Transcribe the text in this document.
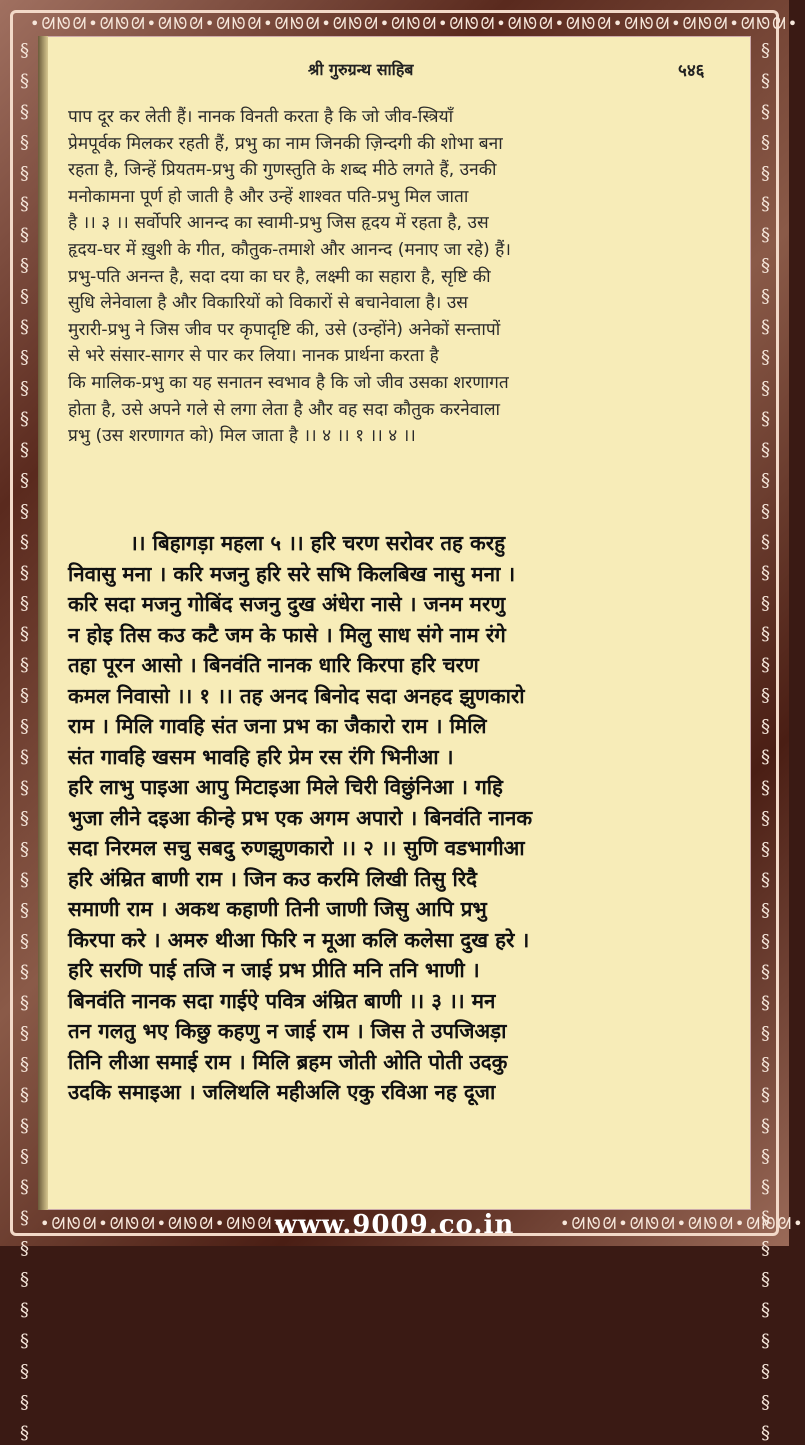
•ᘛᘚᘛ•ᘛᘚᘛ•ᘛᘚᘛ•ᘛᘚᘛ•ᘛᘚᘛ•ᘛᘚᘛ•ᘛᘚᘛ•ᘛᘚᘛ•ᘛᘚᘛ•ᘛᘚᘛ•ᘛᘚᘛ•ᘛᘚᘛ•ᘛᘚᘛ•
§ § § § § § § § § § § § § § § § § § § § § § § § § § § § § § § § § § § § § § § § § § § § § §	§ § § § § § § § § § § § § § § § § § § § § § § § § § § § § § § § § § § § § § § § § § § § § §
•ᘛᘚᘛ•ᘛᘚᘛ•ᘛᘚᘛ•ᘛᘚᘛ•	•ᘛᘚᘛ•ᘛᘚᘛ•ᘛᘚᘛ•ᘛᘚᘛ•
श्री गुरुग्रन्थ साहिब	५४६
पाप दूर कर लेती हैं। नानक विनती करता है कि जो जीव-स्त्रियाँ
प्रेमपूर्वक मिलकर रहती हैं, प्रभु का नाम जिनकी ज़िन्दगी की शोभा बना
रहता है, जिन्हें प्रियतम-प्रभु की गुणस्तुति के शब्द मीठे लगते हैं, उनकी
मनोकामना पूर्ण हो जाती है और उन्हें शाश्वत पति-प्रभु मिल जाता
है ।। ३ ।। सर्वोपरि आनन्द का स्वामी-प्रभु जिस हृदय में रहता है, उस
हृदय-घर में ख़ुशी के गीत, कौतुक-तमाशे और आनन्द (मनाए जा रहे) हैं।
प्रभु-पति अनन्त है, सदा दया का घर है, लक्ष्मी का सहारा है, सृष्टि की
सुधि लेनेवाला है और विकारियों को विकारों से बचानेवाला है। उस
मुरारी-प्रभु ने जिस जीव पर कृपादृष्टि की, उसे (उन्होंने) अनेकों सन्तापों
से भरे संसार-सागर से पार कर लिया। नानक प्रार्थना करता है
कि मालिक-प्रभु का यह सनातन स्वभाव है कि जो जीव उसका शरणागत
होता है, उसे अपने गले से लगा लेता है और वह सदा कौतुक करनेवाला
प्रभु (उस शरणागत को) मिल जाता है ।। ४ ।। १ ।। ४ ।।
।। बिहागड़ा महला ५ ।। हरि चरण सरोवर तह करहु
निवासु मना । करि मजनु हरि सरे सभि किलबिख नासु मना ।
करि सदा मजनु गोबिंद सजनु दुख अंधेरा नासे । जनम मरणु
न होइ तिस कउ कटै जम के फासे । मिलु साध संगे नाम रंगे
तहा पूरन आसो । बिनवंति नानक धारि किरपा हरि चरण
कमल निवासो ।। १ ।। तह अनद बिनोद सदा अनहद झुणकारो
राम । मिलि गावहि संत जना प्रभ का जैकारो राम । मिलि
संत गावहि खसम भावहि हरि प्रेम रस रंगि भिनीआ ।
हरि लाभु पाइआ आपु मिटाइआ मिले चिरी विछुंनिआ । गहि
भुजा लीने दइआ कीन्हे प्रभ एक अगम अपारो । बिनवंति नानक
सदा निरमल सचु सबदु रुणझुणकारो ।। २ ।। सुणि वडभागीआ
हरि अंम्रित बाणी राम । जिन कउ करमि लिखी तिसु रिदै
समाणी राम । अकथ कहाणी तिनी जाणी जिसु आपि प्रभु
किरपा करे । अमरु थीआ फिरि न मूआ कलि कलेसा दुख हरे ।
हरि सरणि पाई तजि न जाई प्रभ प्रीति मनि तनि भाणी ।
बिनवंति नानक सदा गाईऐ पवित्र अंम्रित बाणी ।। ३ ।। मन
तन गलतु भए किछु कहणु न जाई राम । जिस ते उपजिअड़ा
तिनि लीआ समाई राम । मिलि ब्रहम जोती ओति पोती उदकु
उदकि समाइआ । जलिथलि महीअलि एकु रविआ नह दूजा
www.9009.co.in
